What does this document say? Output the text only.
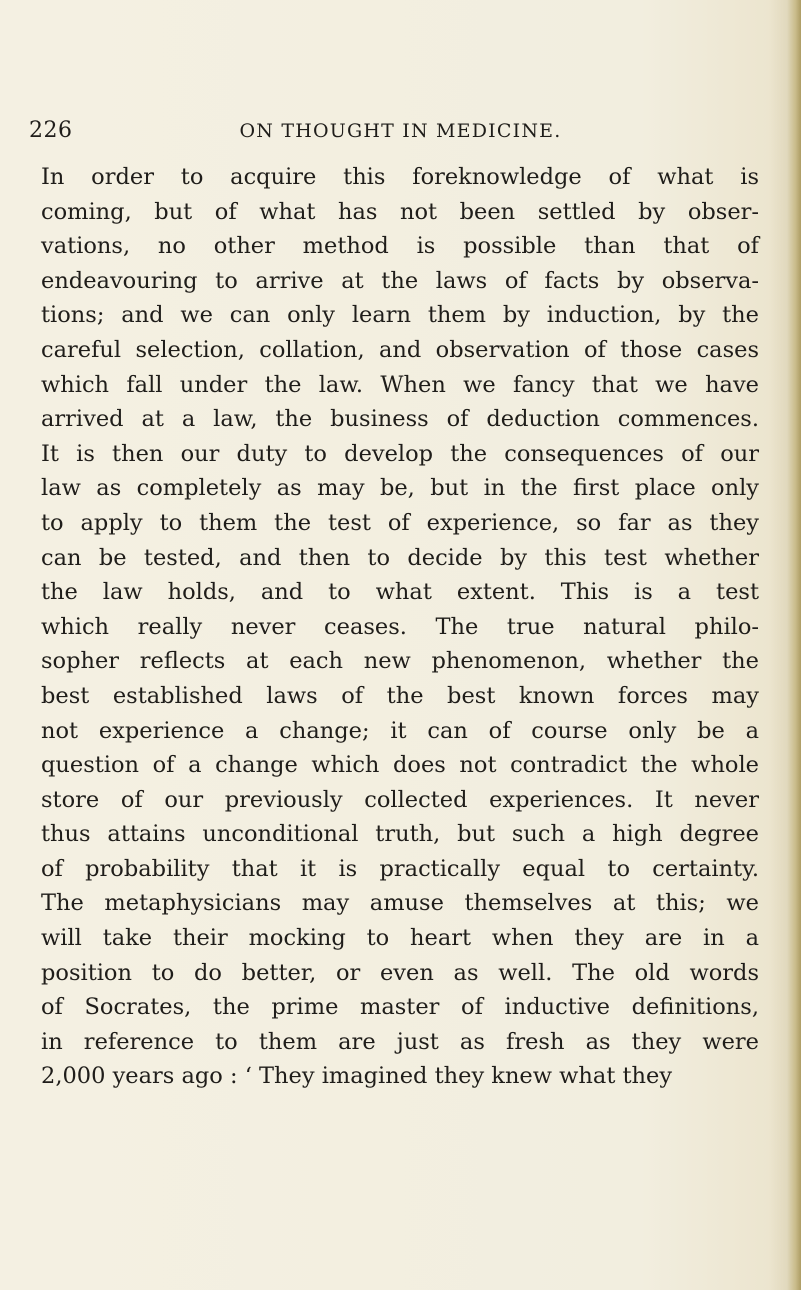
226	ON THOUGHT IN MEDICINE.
In order to acquire this foreknowledge of what is
coming, but of what has not been settled by obser-
vations, no other method is possible than that of
endeavouring to arrive at the laws of facts by observa-
tions; and we can only learn them by induction, by the
careful selection, collation, and observation of those cases
which fall under the law. When we fancy that we have
arrived at a law, the business of deduction commences.
It is then our duty to develop the consequences of our
law as completely as may be, but in the first place only
to apply to them the test of experience, so far as they
can be tested, and then to decide by this test whether
the law holds, and to what extent. This is a test
which really never ceases. The true natural philo-
sopher reflects at each new phenomenon, whether the
best established laws of the best known forces may
not experience a change; it can of course only be a
question of a change which does not contradict the whole
store of our previously collected experiences. It never
thus attains unconditional truth, but such a high degree
of probability that it is practically equal to certainty.
The metaphysicians may amuse themselves at this; we
will take their mocking to heart when they are in a
position to do better, or even as well. The old words
of Socrates, the prime master of inductive definitions,
in reference to them are just as fresh as they were
2,000 years ago : ‘ They imagined they knew what they
